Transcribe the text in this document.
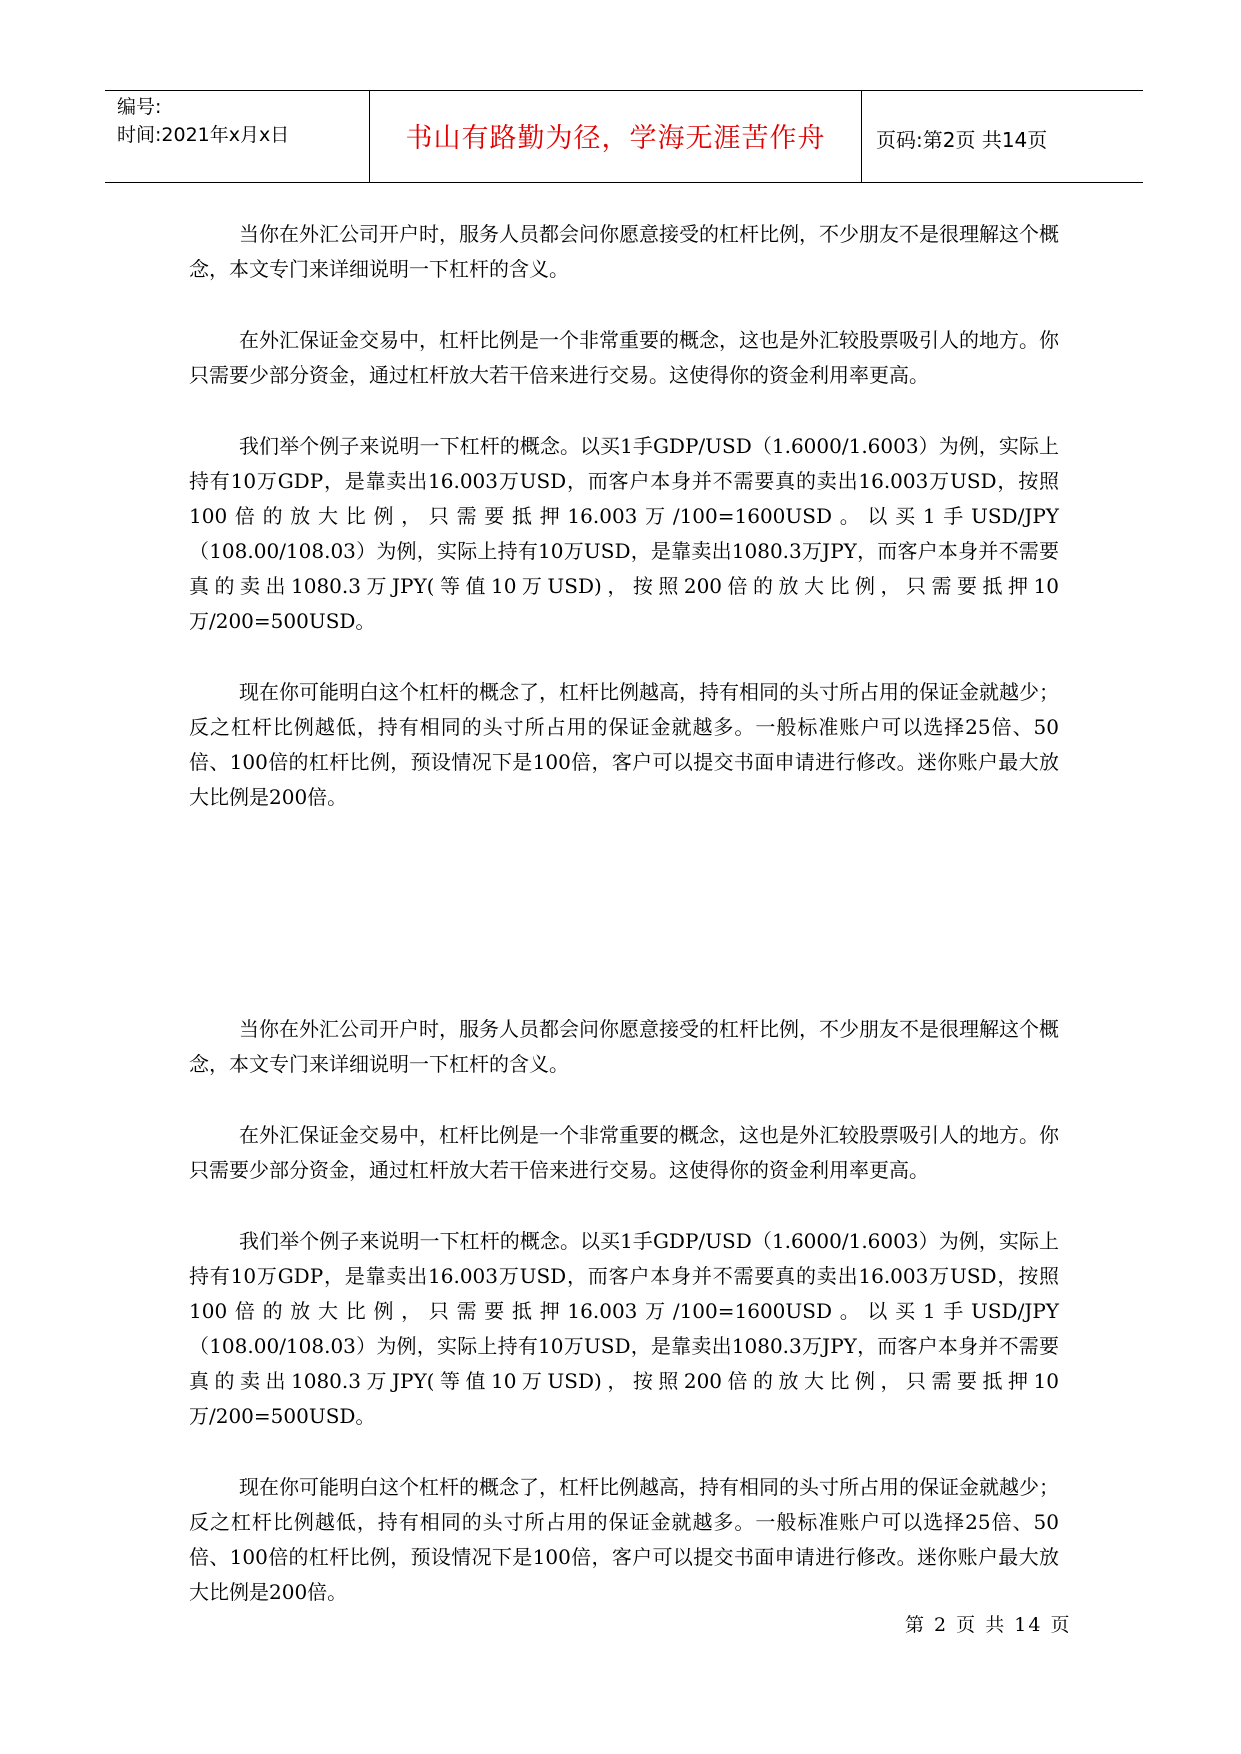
编号:
时间:2021年x月x日	书山有路勤为径，学海无涯苦作舟	页码:第2页 共14页

当你在外汇公司开户时，服务人员都会问你愿意接受的杠杆比例，不少朋友不是很理解这个概念，本文专门来详细说明一下杠杆的含义。

在外汇保证金交易中，杠杆比例是一个非常重要的概念，这也是外汇较股票吸引人的地方。你只需要少部分资金，通过杠杆放大若干倍来进行交易。这使得你的资金利用率更高。

我们举个例子来说明一下杠杆的概念。以买1手GDP/USD（1.6000/1.6003）为例，实际上持有10万GDP，是靠卖出16.003万USD，而客户本身并不需要真的卖出16.003万USD，按照100倍的放大比例，只需要抵押16.003万/100=1600USD。以买1手USD/JPY（108.00/108.03）为例，实际上持有10万USD，是靠卖出1080.3万JPY，而客户本身并不需要真的卖出1080.3万JPY(等值10万USD)，按照200倍的放大比例，只需要抵押10万/200=500USD。

现在你可能明白这个杠杆的概念了，杠杆比例越高，持有相同的头寸所占用的保证金就越少；反之杠杆比例越低，持有相同的头寸所占用的保证金就越多。一般标准账户可以选择25倍、50倍、100倍的杠杆比例，预设情况下是100倍，客户可以提交书面申请进行修改。迷你账户最大放大比例是200倍。

当你在外汇公司开户时，服务人员都会问你愿意接受的杠杆比例，不少朋友不是很理解这个概念，本文专门来详细说明一下杠杆的含义。

在外汇保证金交易中，杠杆比例是一个非常重要的概念，这也是外汇较股票吸引人的地方。你只需要少部分资金，通过杠杆放大若干倍来进行交易。这使得你的资金利用率更高。

我们举个例子来说明一下杠杆的概念。以买1手GDP/USD（1.6000/1.6003）为例，实际上持有10万GDP，是靠卖出16.003万USD，而客户本身并不需要真的卖出16.003万USD，按照100倍的放大比例，只需要抵押16.003万/100=1600USD。以买1手USD/JPY（108.00/108.03）为例，实际上持有10万USD，是靠卖出1080.3万JPY，而客户本身并不需要真的卖出1080.3万JPY(等值10万USD)，按照200倍的放大比例，只需要抵押10万/200=500USD。

现在你可能明白这个杠杆的概念了，杠杆比例越高，持有相同的头寸所占用的保证金就越少；反之杠杆比例越低，持有相同的头寸所占用的保证金就越多。一般标准账户可以选择25倍、50倍、100倍的杠杆比例，预设情况下是100倍，客户可以提交书面申请进行修改。迷你账户最大放大比例是200倍。

第 2 页 共 14 页
